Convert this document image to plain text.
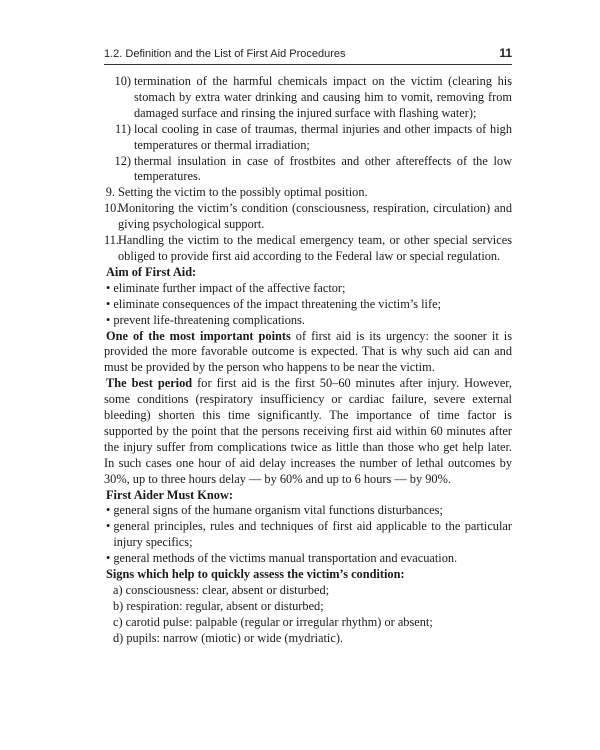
1.2. Definition and the List of First Aid Procedures	11
10) termination of the harmful chemicals impact on the victim (clearing his stomach by extra water drinking and causing him to vomit, removing from damaged surface and rinsing the injured surface with flashing water);
11) local cooling in case of traumas, thermal injuries and other impacts of high temperatures or thermal irradiation;
12) thermal insulation in case of frostbites and other aftereffects of the low temperatures.
9. Setting the victim to the possibly optimal position.
10.
Monitoring the victim’s condition (consciousness, respiration, circulation) and giving psychological support.
11. Handling the victim to the medical emergency team, or other special services obliged to provide first aid according to the Federal law or special regulation.

Aim of First Aid:

• eliminate further impact of the affective factor;
• eliminate consequences of the impact threatening the victim’s life;
• prevent life-threatening complications.

One of the most important points of first aid is its urgency: the sooner it is provided the more favorable outcome is expected. That is why such aid can and must be provided by the person who happens to be near the victim.

The best period for first aid is the first 50–60 minutes after injury. However, some conditions (respiratory insufficiency or cardiac failure, severe external bleeding) shorten this time significantly. The importance of time factor is supported by the point that the persons receiving first aid within 60 minutes after the injury suffer from complications twice as little than those who get help later. In such cases one hour of aid delay increases the number of lethal outcomes by 30%, up to three hours delay — by 60% and up to 6 hours — by 90%.

First Aider Must Know:

• general signs of the humane organism vital functions disturbances;
• general principles, rules and techniques of first aid applicable to the particular injury specifics;
• general methods of the victims manual transportation and evacuation.

Signs which help to quickly assess the victim’s condition:

a) consciousness: clear, absent or disturbed;

b) respiration: regular, absent or disturbed;

c) carotid pulse: palpable (regular or irregular rhythm) or absent;

d) pupils: narrow (miotic) or wide (mydriatic).
